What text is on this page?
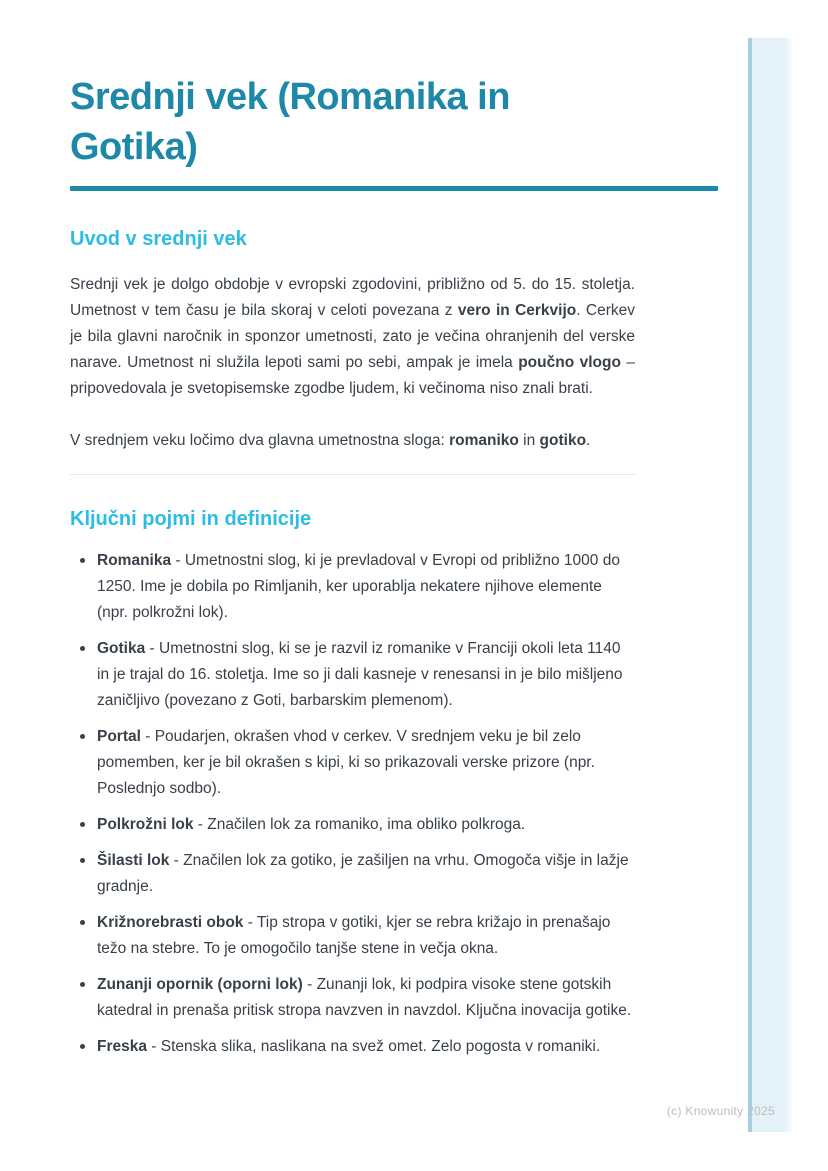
Srednji vek (Romanika in Gotika)
Uvod v srednji vek

Srednji vek je dolgo obdobje v evropski zgodovini, približno od 5. do 15. stoletja. Umetnost v tem času je bila skoraj v celoti povezana z vero in Cerkvijo. Cerkev je bila glavni naročnik in sponzor umetnosti, zato je večina ohranjenih del verske narave. Umetnost ni služila lepoti sami po sebi, ampak je imela poučno vlogo – pripovedovala je svetopisemske zgodbe ljudem, ki večinoma niso znali brati.

V srednjem veku ločimo dva glavna umetnostna sloga: romaniko in gotiko.

Ključni pojmi in definicije
Romanika - Umetnostni slog, ki je prevladoval v Evropi od približno 1000 do 1250. Ime je dobila po Rimljanih, ker uporablja nekatere njihove elemente (npr. polkrožni lok).
Gotika - Umetnostni slog, ki se je razvil iz romanike v Franciji okoli leta 1140 in je trajal do 16. stoletja. Ime so ji dali kasneje v renesansi in je bilo mišljeno zaničljivo (povezano z Goti, barbarskim plemenom).
Portal - Poudarjen, okrašen vhod v cerkev. V srednjem veku je bil zelo pomemben, ker je bil okrašen s kipi, ki so prikazovali verske prizore (npr. Poslednjo sodbo).
Polkrožni lok - Značilen lok za romaniko, ima obliko polkroga.
Šilasti lok - Značilen lok za gotiko, je zašiljen na vrhu. Omogoča višje in lažje gradnje.
Križnorebrasti obok - Tip stropa v gotiki, kjer se rebra križajo in prenašajo težo na stebre. To je omogočilo tanjše stene in večja okna.
Zunanji opornik (oporni lok) - Zunanji lok, ki podpira visoke stene gotskih katedral in prenaša pritisk stropa navzven in navzdol. Ključna inovacija gotike.
Freska - Stenska slika, naslikana na svež omet. Zelo pogosta v romaniki.
(c) Knowunity 2025
